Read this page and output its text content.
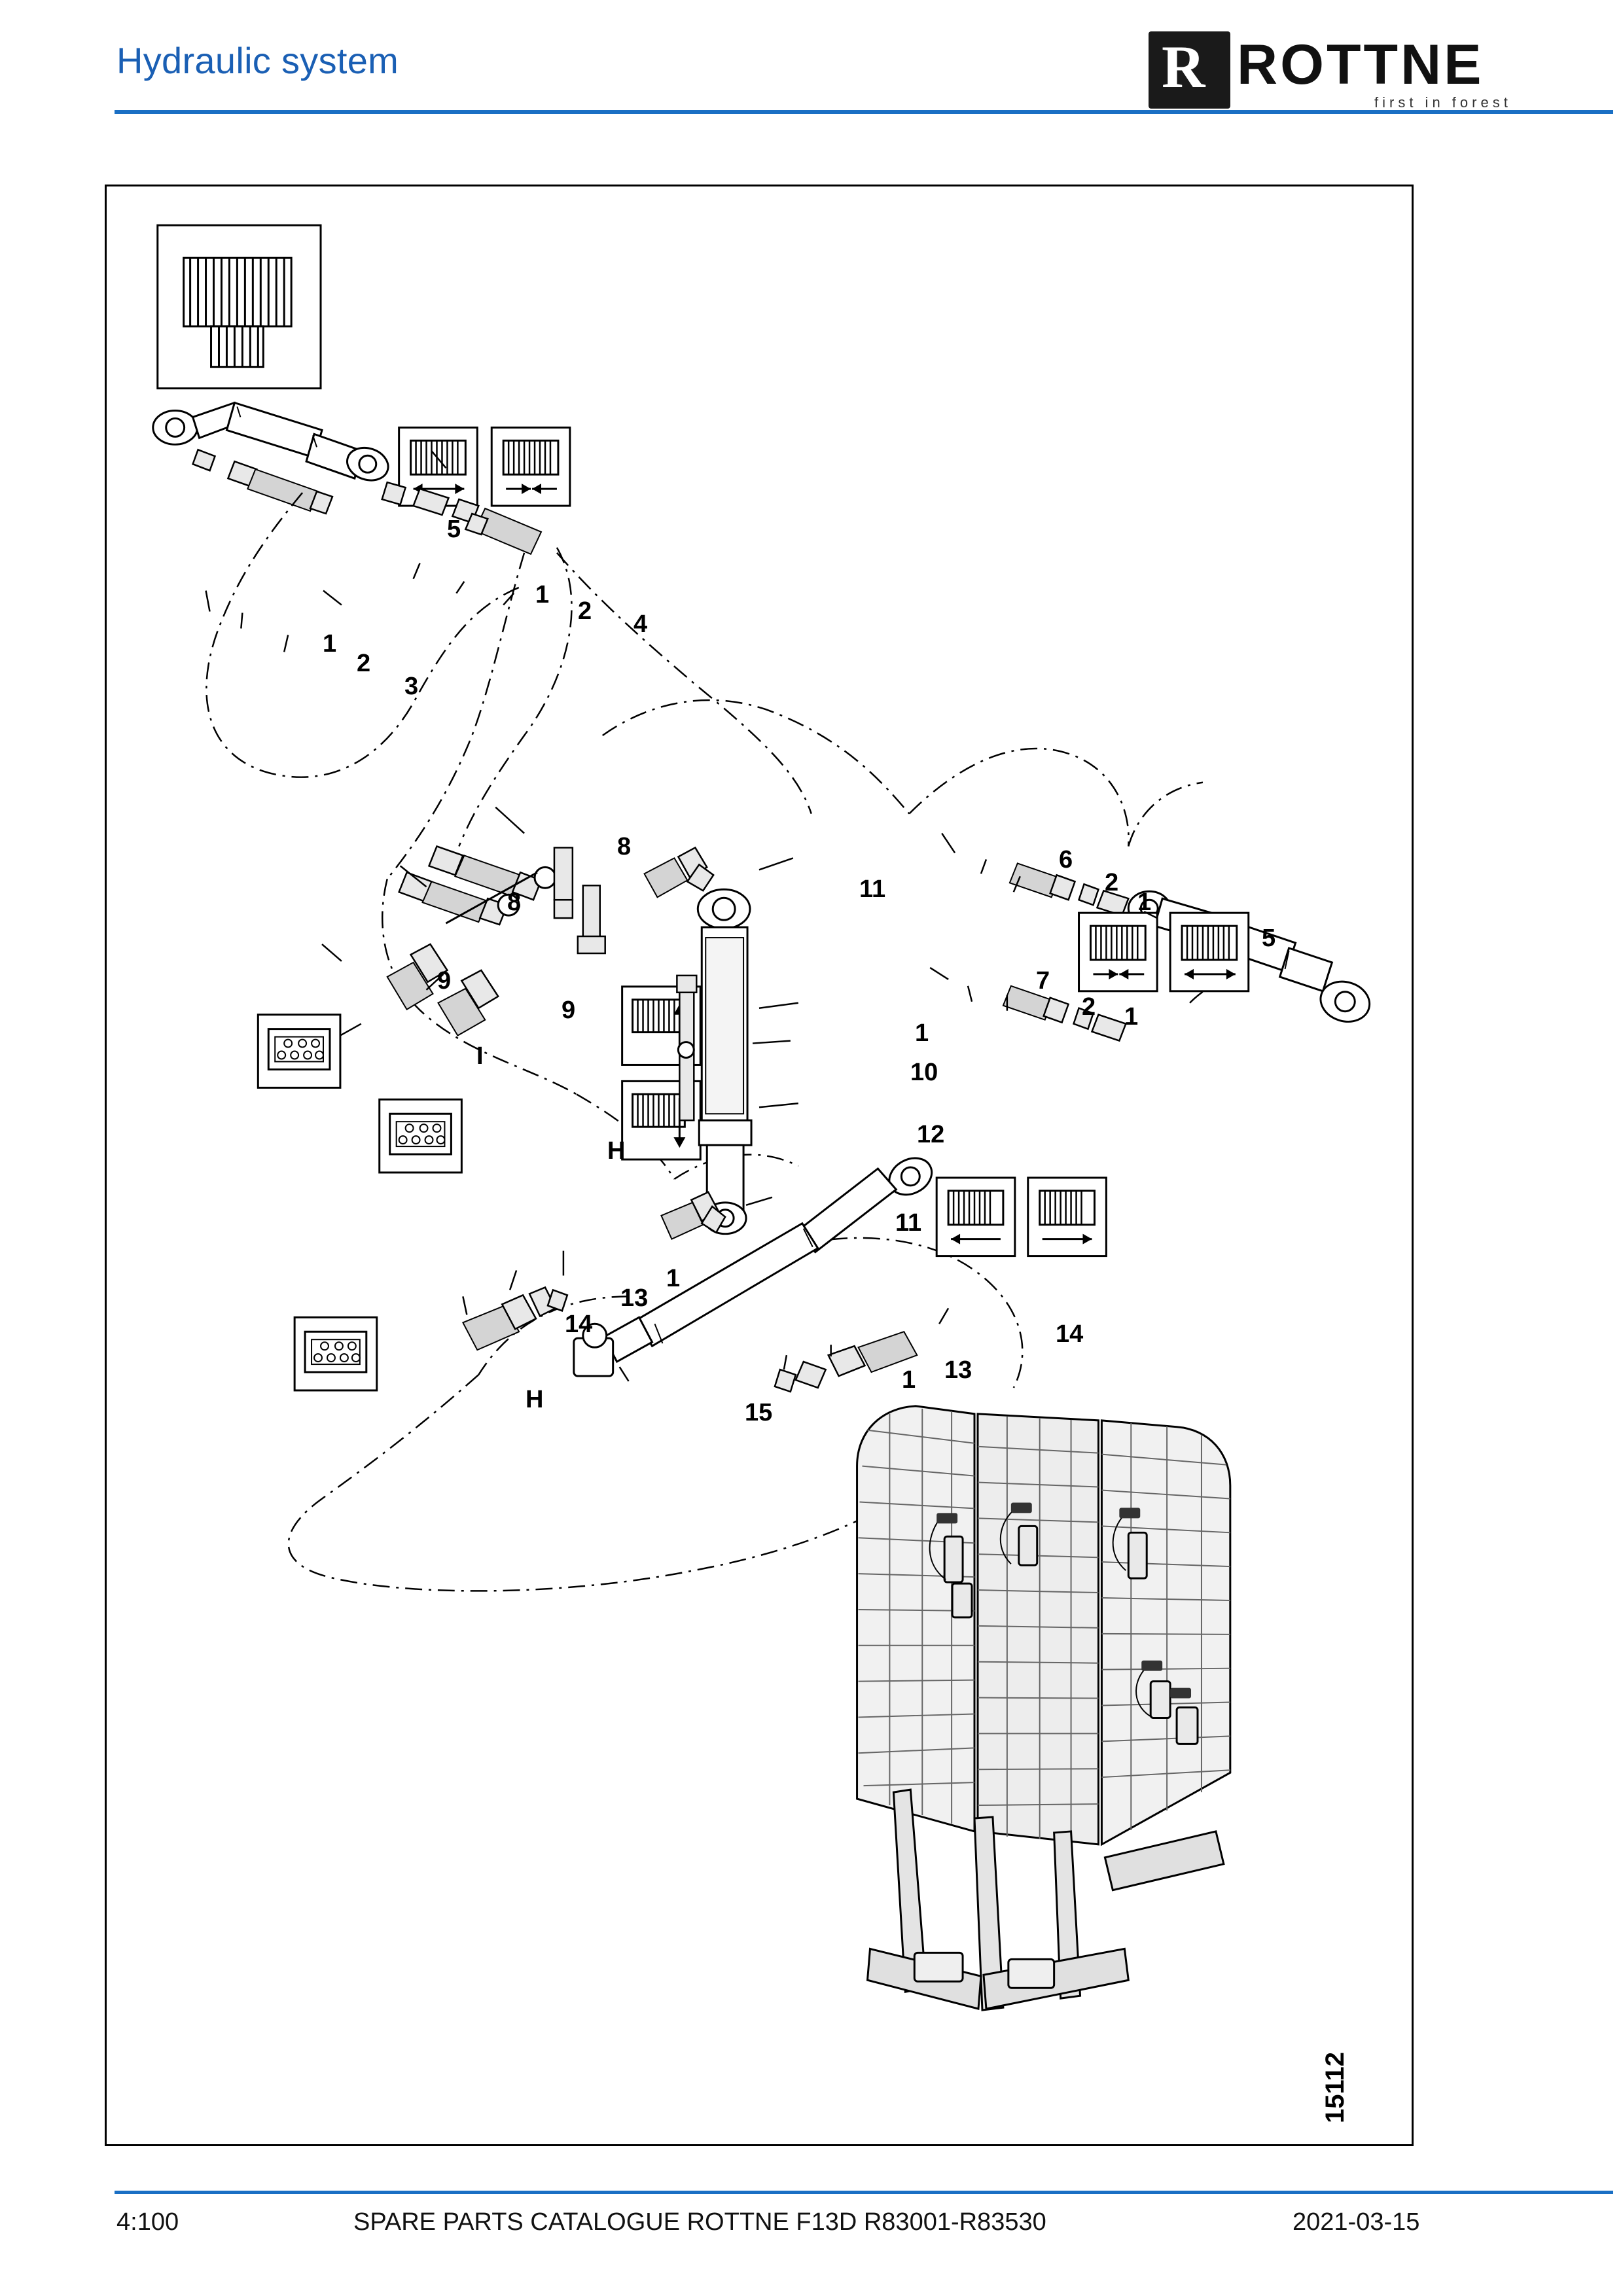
Hydraulic system	R ROTTNE
first in forest
5
1
2 4
1
2
3
8
8
9
9
I
H
11
1
10
12
11
6
2
1
5
7
2 1
1
13
14
H	15
1 13
14
15112
4:100	SPARE PARTS CATALOGUE ROTTNE F13D R83001-R83530	2021-03-15
